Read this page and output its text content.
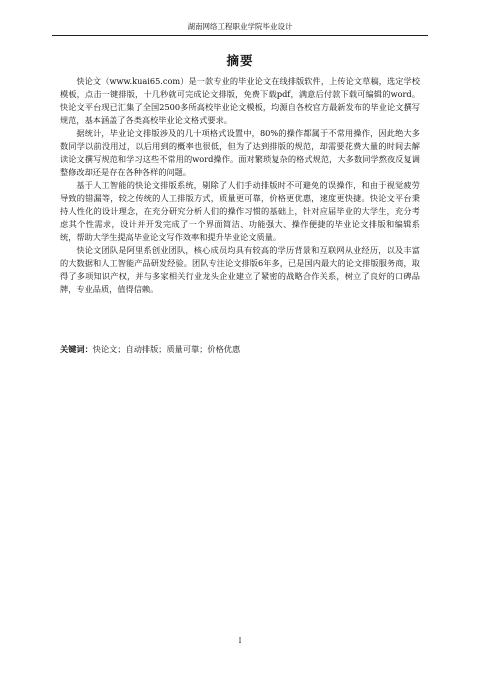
湖南网络工程职业学院毕业设计
摘要

快论文（www.kuai65.com）是一款专业的毕业论文在线排版软件，上传论文草稿，选定学校模板，点击一键排版，十几秒就可完成论文排版，免费下载pdf，满意后付款下载可编辑的word。快论文平台现已汇集了全国2500多所高校毕业论文模板，均源自各校官方最新发布的毕业论文撰写规范，基本涵盖了各类高校毕业论文格式要求。

据统计，毕业论文排版涉及的几十项格式设置中，80%的操作都属于不常用操作，因此绝大多数同学以前没用过，以后用到的概率也很低，但为了达到排版的规范，却需要花费大量的时间去解读论文撰写规范和学习这些不常用的word操作。面对繁琐复杂的格式规范，大多数同学熬夜反复调整修改却还是存在各种各样的问题。

基于人工智能的快论文排版系统，剔除了人们手动排版时不可避免的误操作，和由于视觉疲劳导致的错漏等，较之传统的人工排版方式，质量更可靠，价格更优惠，速度更快捷。快论文平台秉持人性化的设计理念，在充分研究分析人们的操作习惯的基础上，针对应届毕业的大学生，充分考虑其个性需求，设计并开发完成了一个界面简洁、功能强大、操作便捷的毕业论文排版和编辑系统，帮助大学生提高毕业论文写作效率和提升毕业论文质量。

快论文团队是阿里系创业团队，核心成员均具有较高的学历背景和互联网从业经历，以及丰富的大数据和人工智能产品研发经验。团队专注论文排版6年多，已是国内最大的论文排版服务商，取得了多项知识产权，并与多家相关行业龙头企业建立了紧密的战略合作关系，树立了良好的口碑品牌，专业品质，值得信赖。

关键词：快论文；自动排版；质量可靠；价格优惠
I
